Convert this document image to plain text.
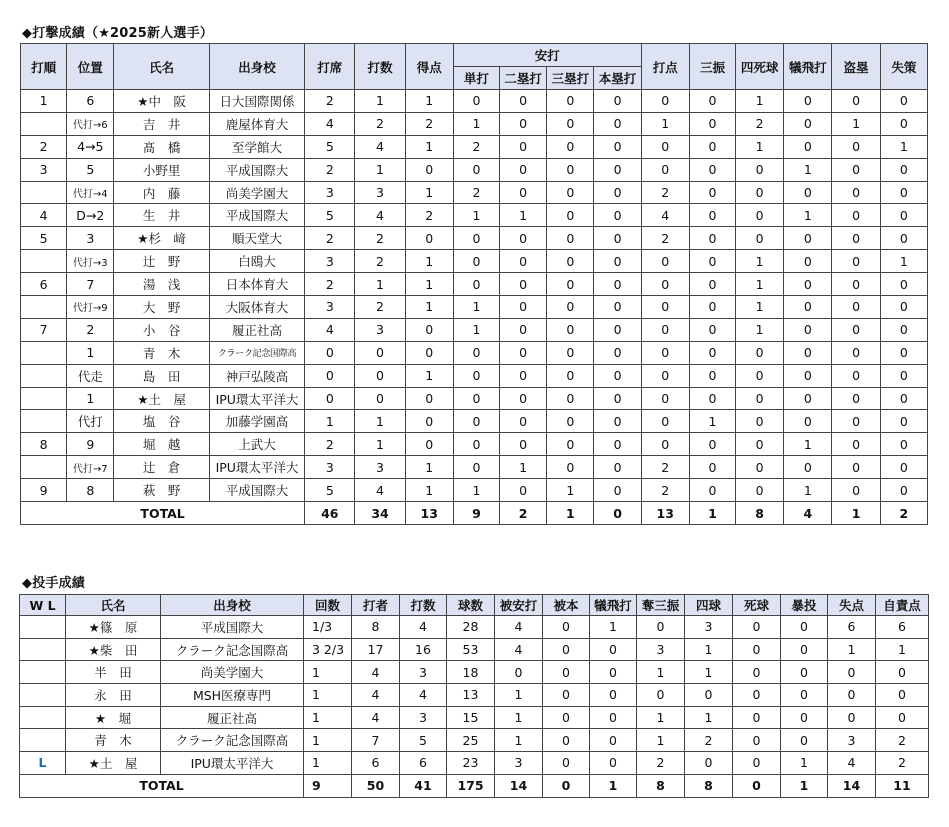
◆打撃成績（★2025新人選手）
打順	位置	氏名	出身校	打席	打数	得点	安打				打点	三振	四死球	犠飛打	盗塁	失策
							単打	二塁打	三塁打	本塁打						
1	6	★中　阪	日大国際関係	2	1	1	0	0	0	0	0	0	1	0	0	0
	代打→6	吉　井	鹿屋体育大	4	2	2	1	0	0	0	1	0	2	0	1	0
2	4→5	髙　橋	至学館大	5	4	1	2	0	0	0	0	0	1	0	0	1
3	5	小野里	平成国際大	2	1	0	0	0	0	0	0	0	0	1	0	0
	代打→4	内　藤	尚美学園大	3	3	1	2	0	0	0	2	0	0	0	0	0
4	D→2	生　井	平成国際大	5	4	2	1	1	0	0	4	0	0	1	0	0
5	3	★杉　﨑	順天堂大	2	2	0	0	0	0	0	2	0	0	0	0	0
	代打→3	辻　野	白鴎大	3	2	1	0	0	0	0	0	0	1	0	0	1
6	7	湯　浅	日本体育大	2	1	1	0	0	0	0	0	0	1	0	0	0
	代打→9	大　野	大阪体育大	3	2	1	1	0	0	0	0	0	1	0	0	0
7	2	小　谷	履正社高	4	3	0	1	0	0	0	0	0	1	0	0	0
	1	青　木	クラーク記念国際高	0	0	0	0	0	0	0	0	0	0	0	0	0
	代走	島　田	神戸弘陵高	0	0	1	0	0	0	0	0	0	0	0	0	0
	1	★土　屋	IPU環太平洋大	0	0	0	0	0	0	0	0	0	0	0	0	0
	代打	塩　谷	加藤学園高	1	1	0	0	0	0	0	0	1	0	0	0	0
8	9	堀　越	上武大	2	1	0	0	0	0	0	0	0	0	1	0	0
	代打→7	辻　倉	IPU環太平洋大	3	3	1	0	1	0	0	2	0	0	0	0	0
9	8	萩　野	平成国際大	5	4	1	1	0	1	0	2	0	0	1	0	0
TOTAL				46	34	13	9	2	1	0	13	1	8	4	1	2
◆投手成績
W L	氏名	出身校	回数	打者	打数	球数	被安打	被本	犠飛打	奪三振	四球	死球	暴投	失点	自責点
	★篠　原	平成国際大	1/3	8	4	28	4	0	1	0	3	0	0	6	6
	★柴　田	クラーク記念国際高	3 2/3	17	16	53	4	0	0	3	1	0	0	1	1
	半　田	尚美学園大	1	4	3	18	0	0	0	1	1	0	0	0	0
	永　田	MSH医療専門	1	4	4	13	1	0	0	0	0	0	0	0	0
	★　堀	履正社高	1	4	3	15	1	0	0	1	1	0	0	0	0
	青　木	クラーク記念国際高	1	7	5	25	1	0	0	1	2	0	0	3	2
L	★土　屋	IPU環太平洋大	1	6	6	23	3	0	0	2	0	0	1	4	2
TOTAL			9	50	41	175	14	0	1	8	8	0	1	14	11
